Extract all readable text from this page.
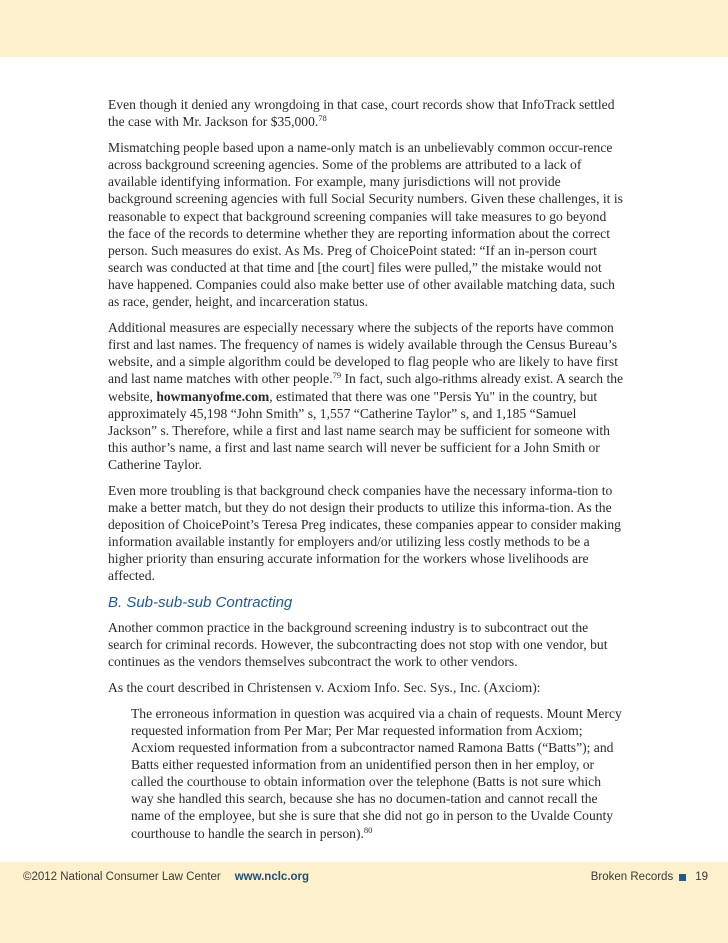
Even though it denied any wrongdoing in that case, court records show that InfoTrack settled the case with Mr. Jackson for $35,000.78

Mismatching people based upon a name-only match is an unbelievably common occur-rence across background screening agencies. Some of the problems are attributed to a lack of available identifying information. For example, many jurisdictions will not provide background screening agencies with full Social Security numbers. Given these challenges, it is reasonable to expect that background screening companies will take measures to go beyond the face of the records to determine whether they are reporting information about the correct person. Such measures do exist. As Ms. Preg of ChoicePoint stated: “If an in-person court search was conducted at that time and [the court] files were pulled,” the mistake would not have happened. Companies could also make better use of other available matching data, such as race, gender, height, and incarceration status.

Additional measures are especially necessary where the subjects of the reports have common first and last names. The frequency of names is widely available through the Census Bureau’s website, and a simple algorithm could be developed to flag people who are likely to have first and last name matches with other people.$^{79}$ In fact, such algo-rithms already exist. A search the website, howmanyofme.com, estimated that there was one "Persis Yu" in the country, but approximately 45,198 “John Smith” s, 1,557 “Catherine Taylor” s, and 1,185 “Samuel Jackson” s. Therefore, while a first and last name search may be sufficient for someone with this author’s name, a first and last name search will never be sufficient for a John Smith or Catherine Taylor.

Even more troubling is that background check companies have the necessary informa-tion to make a better match, but they do not design their products to utilize this informa-tion. As the deposition of ChoicePoint’s Teresa Preg indicates, these companies appear to consider making information available instantly for employers and/or utilizing less costly methods to be a higher priority than ensuring accurate information for the workers whose livelihoods are affected.

B. Sub-sub-sub Contracting

Another common practice in the background screening industry is to subcontract out the search for criminal records. However, the subcontracting does not stop with one vendor, but continues as the vendors themselves subcontract the work to other vendors.

As the court described in Christensen v. Acxiom Info. Sec. Sys., Inc. (Axciom):

The erroneous information in question was acquired via a chain of requests. Mount Mercy requested information from Per Mar; Per Mar requested information from Acxiom; Acxiom requested information from a subcontractor named Ramona Batts (“Batts”); and Batts either requested information from an unidentified person then in her employ, or called the courthouse to obtain information over the telephone (Batts is not sure which way she handled this search, because she has no documen-tation and cannot recall the name of the employee, but she is sure that she did not go in person to the Uvalde County courthouse to handle the search in person).$^{80}$

©2012 National Consumer Law Center www.nclc.org	Broken Records 19
